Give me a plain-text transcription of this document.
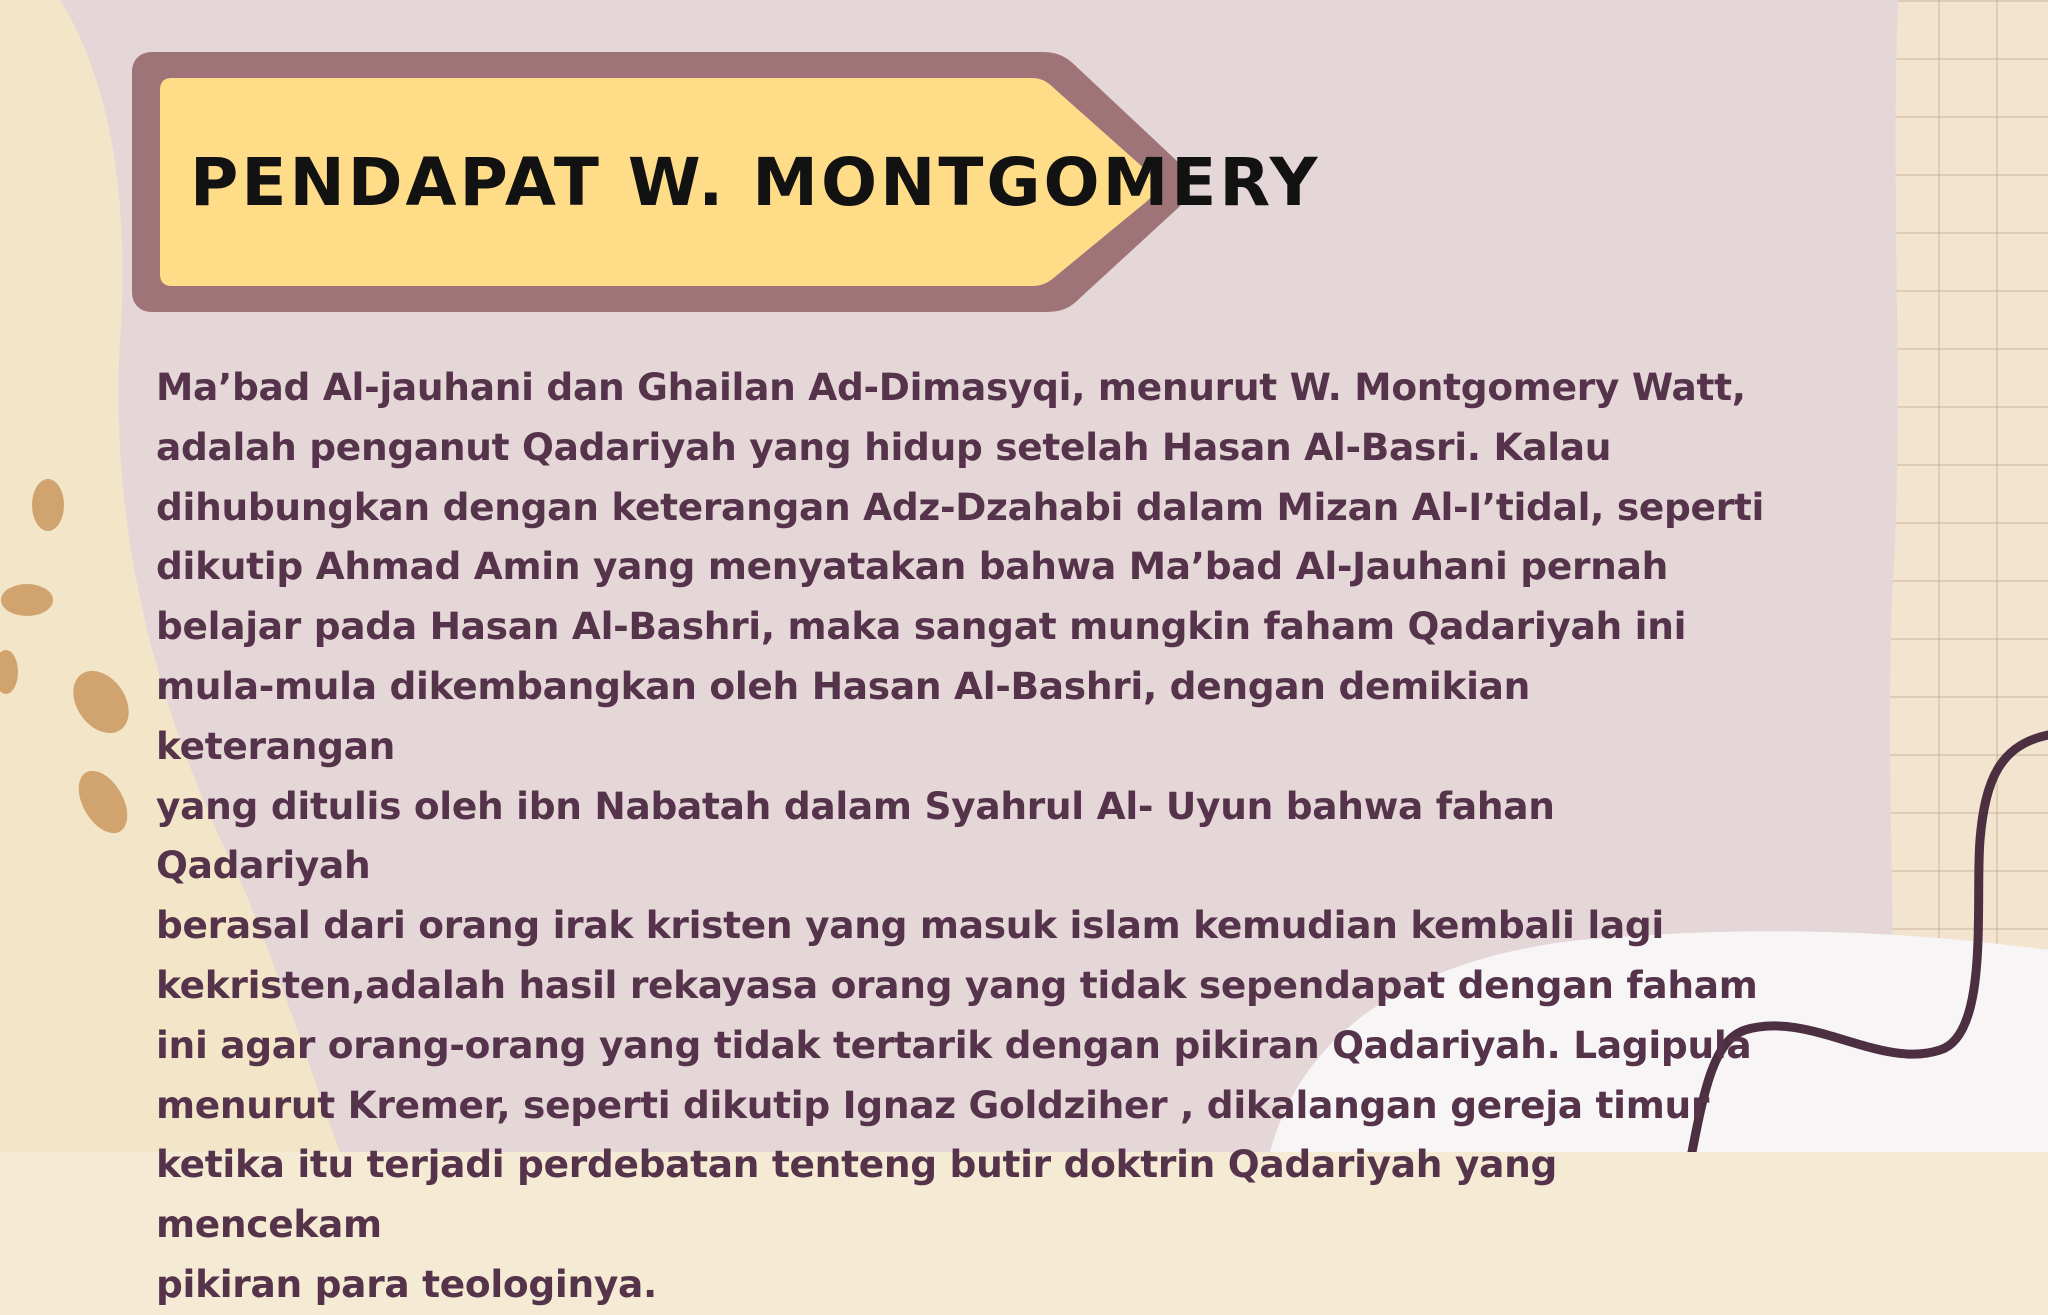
PENDAPAT W. MONTGOMERY

Ma’bad Al-jauhani dan Ghailan Ad-Dimasyqi, menurut W. Montgomery Watt,
adalah penganut Qadariyah yang hidup setelah Hasan Al-Basri. Kalau
dihubungkan dengan keterangan Adz-Dzahabi dalam Mizan Al-I’tidal, seperti
dikutip Ahmad Amin yang menyatakan bahwa Ma’bad Al-Jauhani pernah
belajar pada Hasan Al-Bashri, maka sangat mungkin faham Qadariyah ini
mula-mula dikembangkan oleh Hasan Al-Bashri, dengan demikian keterangan
yang ditulis oleh ibn Nabatah dalam Syahrul Al- Uyun bahwa fahan Qadariyah
berasal dari orang irak kristen yang masuk islam kemudian kembali lagi
kekristen,adalah hasil rekayasa orang yang tidak sependapat dengan faham
ini agar orang-orang yang tidak tertarik dengan pikiran Qadariyah. Lagipula
menurut Kremer, seperti dikutip Ignaz Goldziher , dikalangan gereja timur
ketika itu terjadi perdebatan tenteng butir doktrin Qadariyah yang mencekam
pikiran para teologinya.
